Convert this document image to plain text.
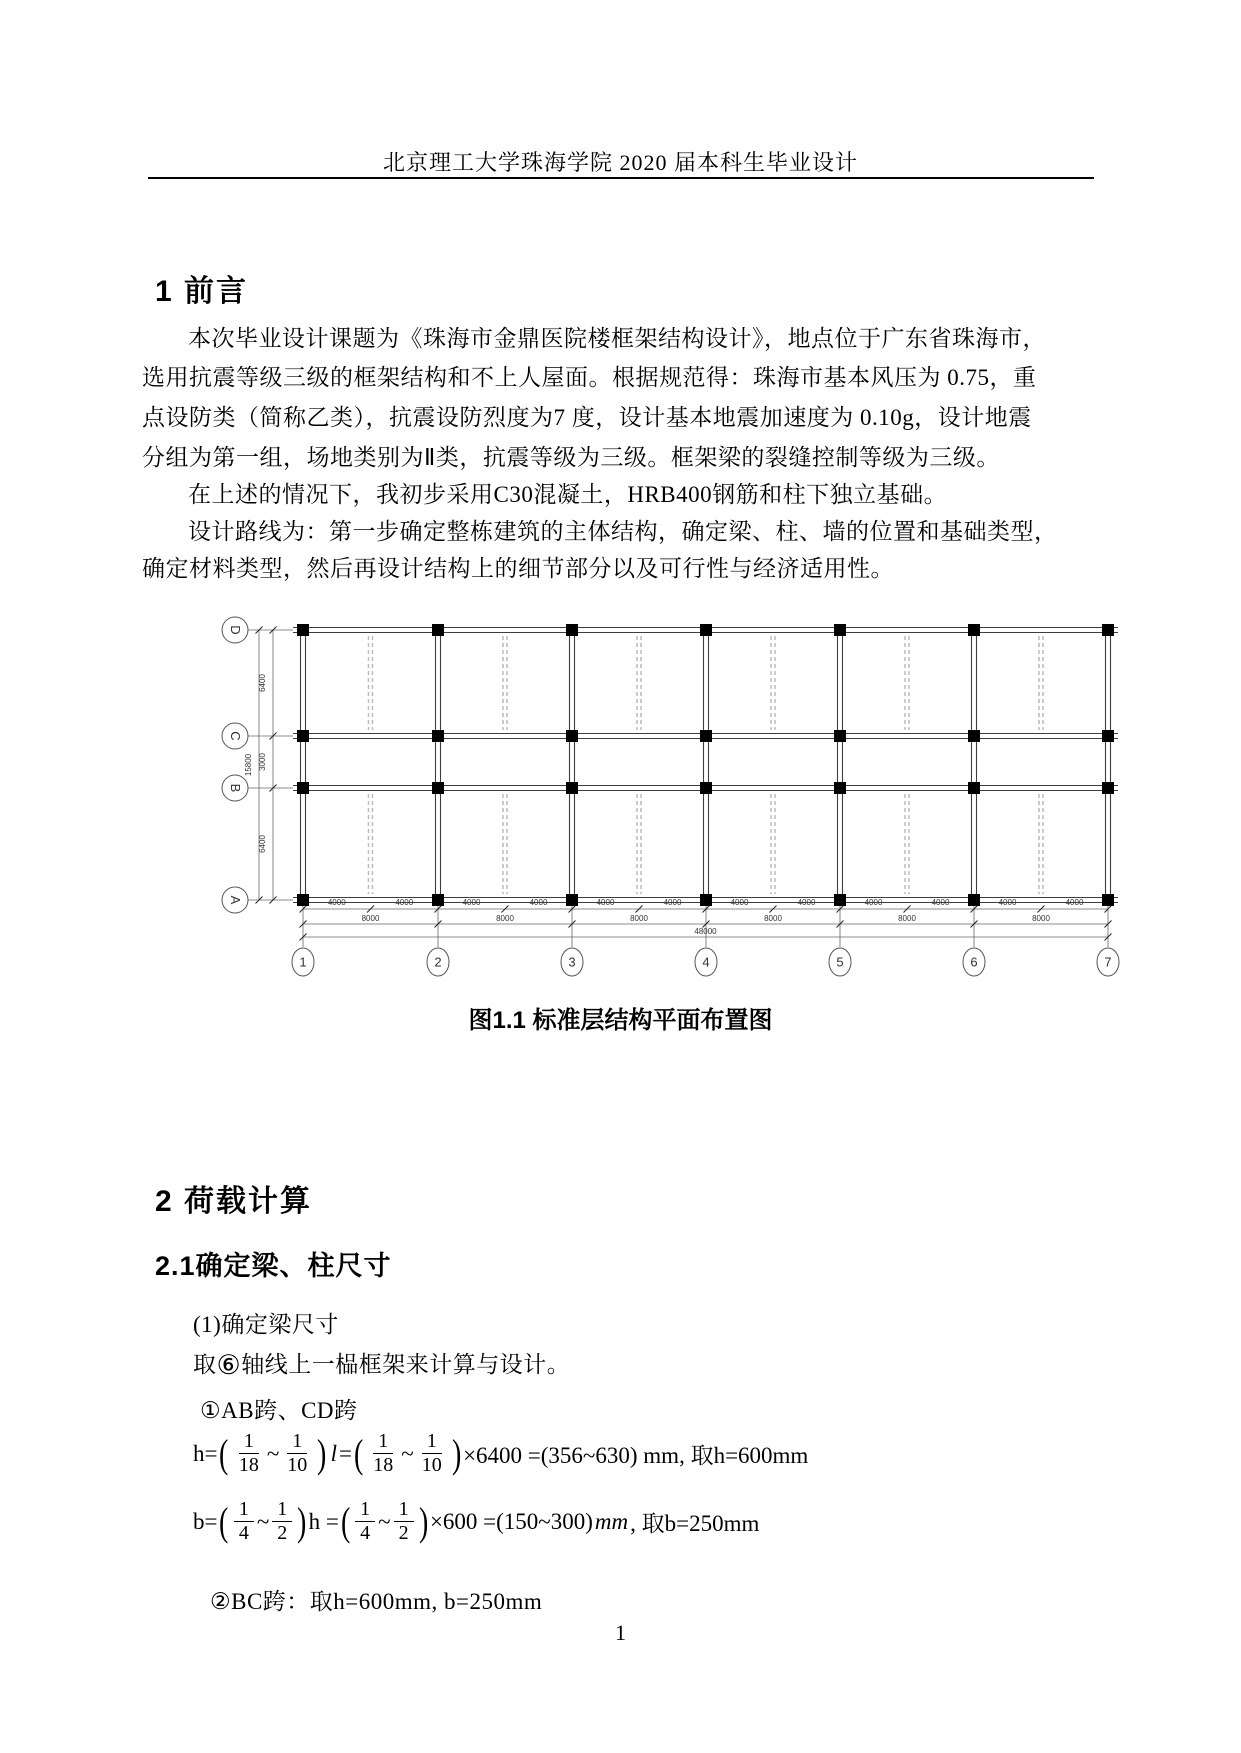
北京理工大学珠海学院 2020 届本科生毕业设计
1 前言
本次毕业设计课题为《珠海市金鼎医院楼框架结构设计》，地点位于广东省珠海市，
选用抗震等级三级的框架结构和不上人屋面。根据规范得：珠海市基本风压为 0.75，重
点设防类（简称乙类），抗震设防烈度为7 度，设计基本地震加速度为 0.10g，设计地震
分组为第一组，场地类别为Ⅱ类，抗震等级为三级。框架梁的裂缝控制等级为三级。
在上述的情况下，我初步采用C30混凝土，HRB400钢筋和柱下独立基础。
设计路线为：第一步确定整栋建筑的主体结构，确定梁、柱、墙的位置和基础类型，
确定材料类型，然后再设计结构上的细节部分以及可行性与经济适用性。
D
C
B
A
15800
6400
3000
6400
4000	4000	4000	4000	4000	4000	4000	4000	4000	4000	4000	4000
8000	8000	8000	8000	8000	8000
48000
1	2	3	4	5	6	7
图1.1 标准层结构平面布置图
2 荷载计算
2.1确定梁、柱尺寸
(1)确定梁尺寸
取⑥轴线上一榀框架来计算与设计。
①AB跨、CD跨
h= ( $\frac{1}{18}$ ~ $\frac{1}{10}$ ) l = ( $\frac{1}{18}$ ~ $\frac{1}{10}$ ) ×6400 =(356~630) mm, 取h=600mm
b= ( $\frac{1}{4}$ ~ $\frac{1}{2}$ ) h = ( $\frac{1}{4}$ ~ $\frac{1}{2}$ ) ×600 =(150~300) mm , 取b=250mm
②BC跨：取h=600mm, b=250mm
1
